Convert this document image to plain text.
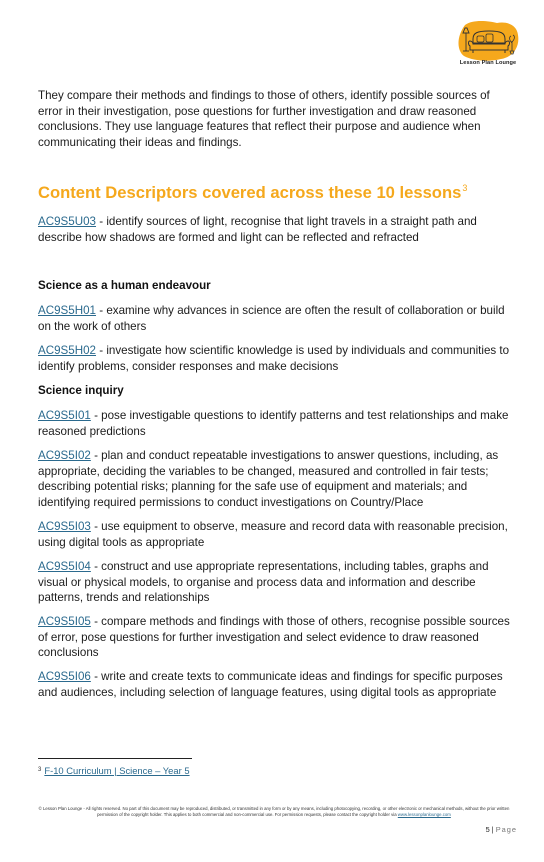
Lesson Plan Lounge
They compare their methods and findings to those of others, identify possible sources of error in their investigation, pose questions for further investigation and draw reasoned conclusions. They use language features that reflect their purpose and audience when communicating their ideas and findings.
Content Descriptors covered across these 10 lessons$^3$
AC9S5U03 - identify sources of light, recognise that light travels in a straight path and describe how shadows are formed and light can be reflected and refracted
Science as a human endeavour
AC9S5H01 - examine why advances in science are often the result of collaboration or build on the work of others
AC9S5H02 - investigate how scientific knowledge is used by individuals and communities to identify problems, consider responses and make decisions
Science inquiry
AC9S5I01 - pose investigable questions to identify patterns and test relationships and make reasoned predictions
AC9S5I02 - plan and conduct repeatable investigations to answer questions, including, as appropriate, deciding the variables to be changed, measured and controlled in fair tests; describing potential risks; planning for the safe use of equipment and materials; and identifying required permissions to conduct investigations on Country/Place
AC9S5I03 - use equipment to observe, measure and record data with reasonable precision, using digital tools as appropriate
AC9S5I04 - construct and use appropriate representations, including tables, graphs and visual or physical models, to organise and process data and information and describe patterns, trends and relationships
AC9S5I05 - compare methods and findings with those of others, recognise possible sources of error, pose questions for further investigation and select evidence to draw reasoned conclusions
AC9S5I06 - write and create texts to communicate ideas and findings for specific purposes and audiences, including selection of language features, using digital tools as appropriate
$^3$ F-10 Curriculum | Science – Year 5
© Lesson Plan Lounge - All rights reserved. No part of this document may be reproduced, distributed, or transmitted in any form or by any means, including photocopying, recording, or other electronic or mechanical methods, without the prior written permission of the copyright holder. This applies to both commercial and non-commercial use. For permission requests, please contact the copyright holder via www.lessonplanlounge.com
5 | Page
